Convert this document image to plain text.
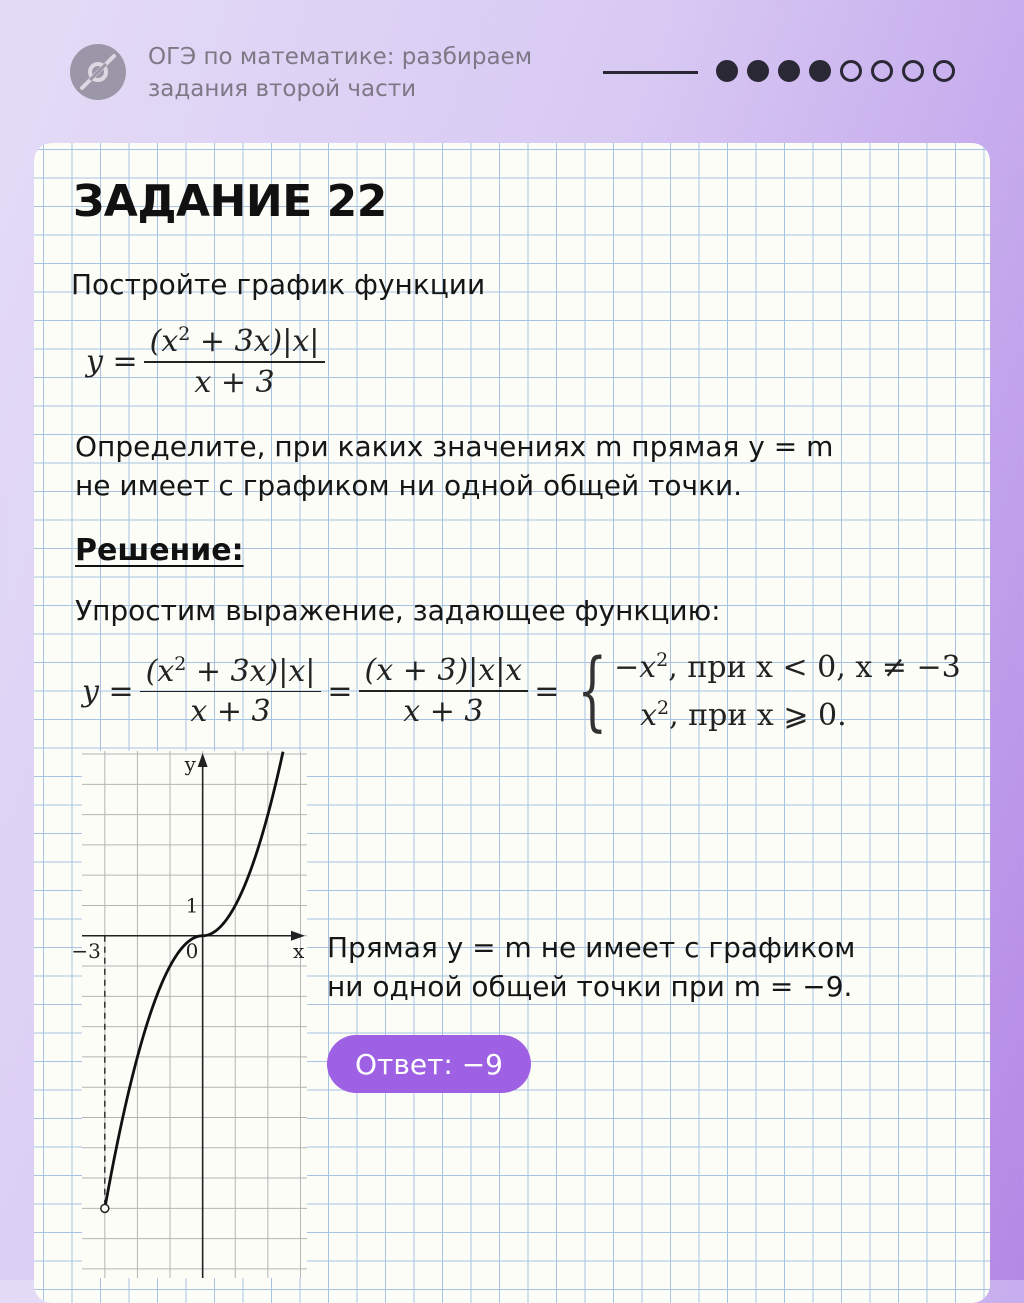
ОГЭ по математике: разбираем задания второй части
ЗАДАНИЕ 22
Постройте график функции
$y = \frac{(x^2 + 3x)|x|}{x + 3}$
Определите, при каких значениях m прямая y = m
не имеет с графиком ни одной общей точки.
Решение:
Упростим выражение, задающее функцию:
$y = \frac{(x^2 + 3x)|x|}{x + 3} = \frac{(x + 3)|x|x}{x + 3}$ = { $-x^2$, при x < 0, x ≠ −3
$x^2$, при x ⩾ 0.
y
x
0
1
−3	Прямая y = m не имеет с графиком
ни одной общей точки при m = −9.
Ответ: −9
